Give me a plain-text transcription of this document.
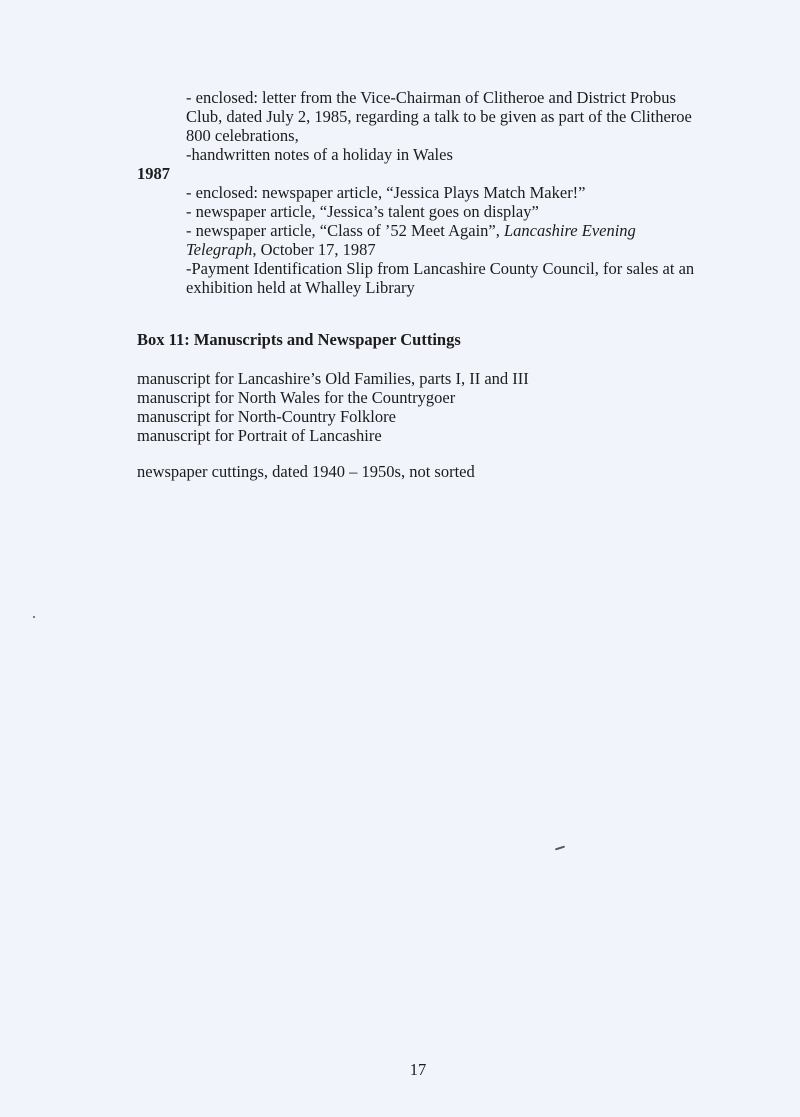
- enclosed: letter from the Vice-Chairman of Clitheroe and District Probus
Club, dated July 2, 1985, regarding a talk to be given as part of the Clitheroe
800 celebrations,
-handwritten notes of a holiday in Wales
1987
- enclosed: newspaper article, “Jessica Plays Match Maker!”
- newspaper article, “Jessica’s talent goes on display”
- newspaper article, “Class of ’52 Meet Again”, Lancashire Evening
Telegraph, October 17, 1987
-Payment Identification Slip from Lancashire County Council, for sales at an
exhibition held at Whalley Library
Box 11: Manuscripts and Newspaper Cuttings
manuscript for Lancashire’s Old Families, parts I, II and III
manuscript for North Wales for the Countrygoer
manuscript for North-Country Folklore
manuscript for Portrait of Lancashire
newspaper cuttings, dated 1940 – 1950s, not sorted
17
